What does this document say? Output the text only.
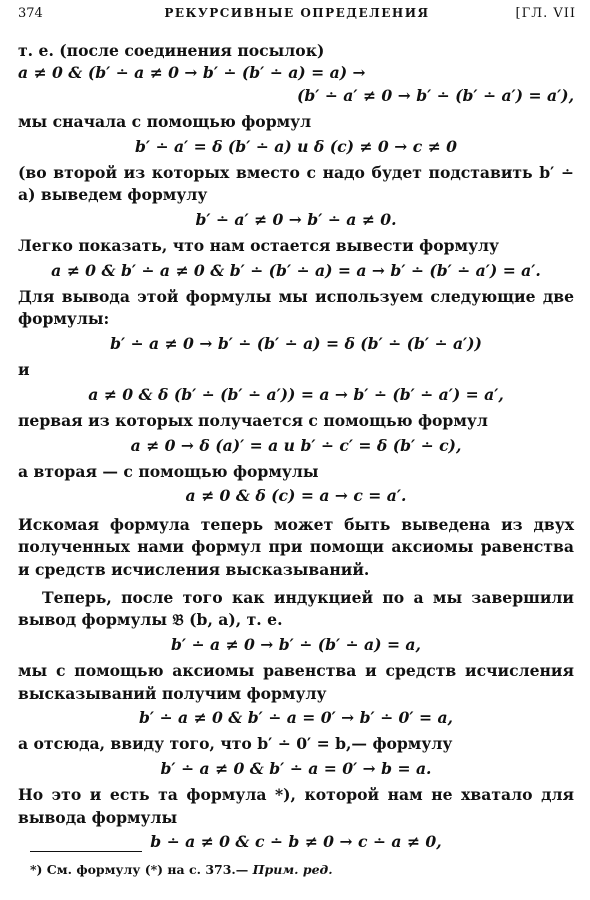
374	РЕКУРСИВНЫЕ ОПРЕДЕЛЕНИЯ	[ГЛ. VII

т. е. (после соединения посылок)

a ≠ 0 & (b′ ∸ a ≠ 0 → b′ ∸ (b′ ∸ a) = a) →

(b′ ∸ a′ ≠ 0 → b′ ∸ (b′ ∸ a′) = a′),

мы сначала с помощью формул

b′ ∸ a′ = δ (b′ ∸ a) и δ (c) ≠ 0 → c ≠ 0

(во второй из которых вместо c надо будет подставить b′ ∸ a) выведем формулу

b′ ∸ a′ ≠ 0 → b′ ∸ a ≠ 0.

Легко показать, что нам остается вывести формулу

a ≠ 0 & b′ ∸ a ≠ 0 & b′ ∸ (b′ ∸ a) = a → b′ ∸ (b′ ∸ a′) = a′.

Для вывода этой формулы мы используем следующие две формулы:

b′ ∸ a ≠ 0 → b′ ∸ (b′ ∸ a) = δ (b′ ∸ (b′ ∸ a′))

и

a ≠ 0 & δ (b′ ∸ (b′ ∸ a′)) = a → b′ ∸ (b′ ∸ a′) = a′,

первая из которых получается с помощью формул

a ≠ 0 → δ (a)′ = a и b′ ∸ c′ = δ (b′ ∸ c),

а вторая — с помощью формулы

a ≠ 0 & δ (c) = a → c = a′.

Искомая формула теперь может быть выведена из двух полученных нами формул при помощи аксиомы равенства и средств исчисления высказываний.

Теперь, после того как индукцией по a мы завершили вывод формулы 𝔅 (b, a), т. е.

b′ ∸ a ≠ 0 → b′ ∸ (b′ ∸ a) = a,

мы с помощью аксиомы равенства и средств исчисления высказываний получим формулу

b′ ∸ a ≠ 0 & b′ ∸ a = 0′ → b′ ∸ 0′ = a,

а отсюда, ввиду того, что b′ ∸ 0′ = b,— формулу

b′ ∸ a ≠ 0 & b′ ∸ a = 0′ → b = a.

Но это и есть та формула *), которой нам не хватало для вывода формулы

b ∸ a ≠ 0 & c ∸ b ≠ 0 → c ∸ a ≠ 0,

*) См. формулу (*) на с. 373.— Прим. ред.
